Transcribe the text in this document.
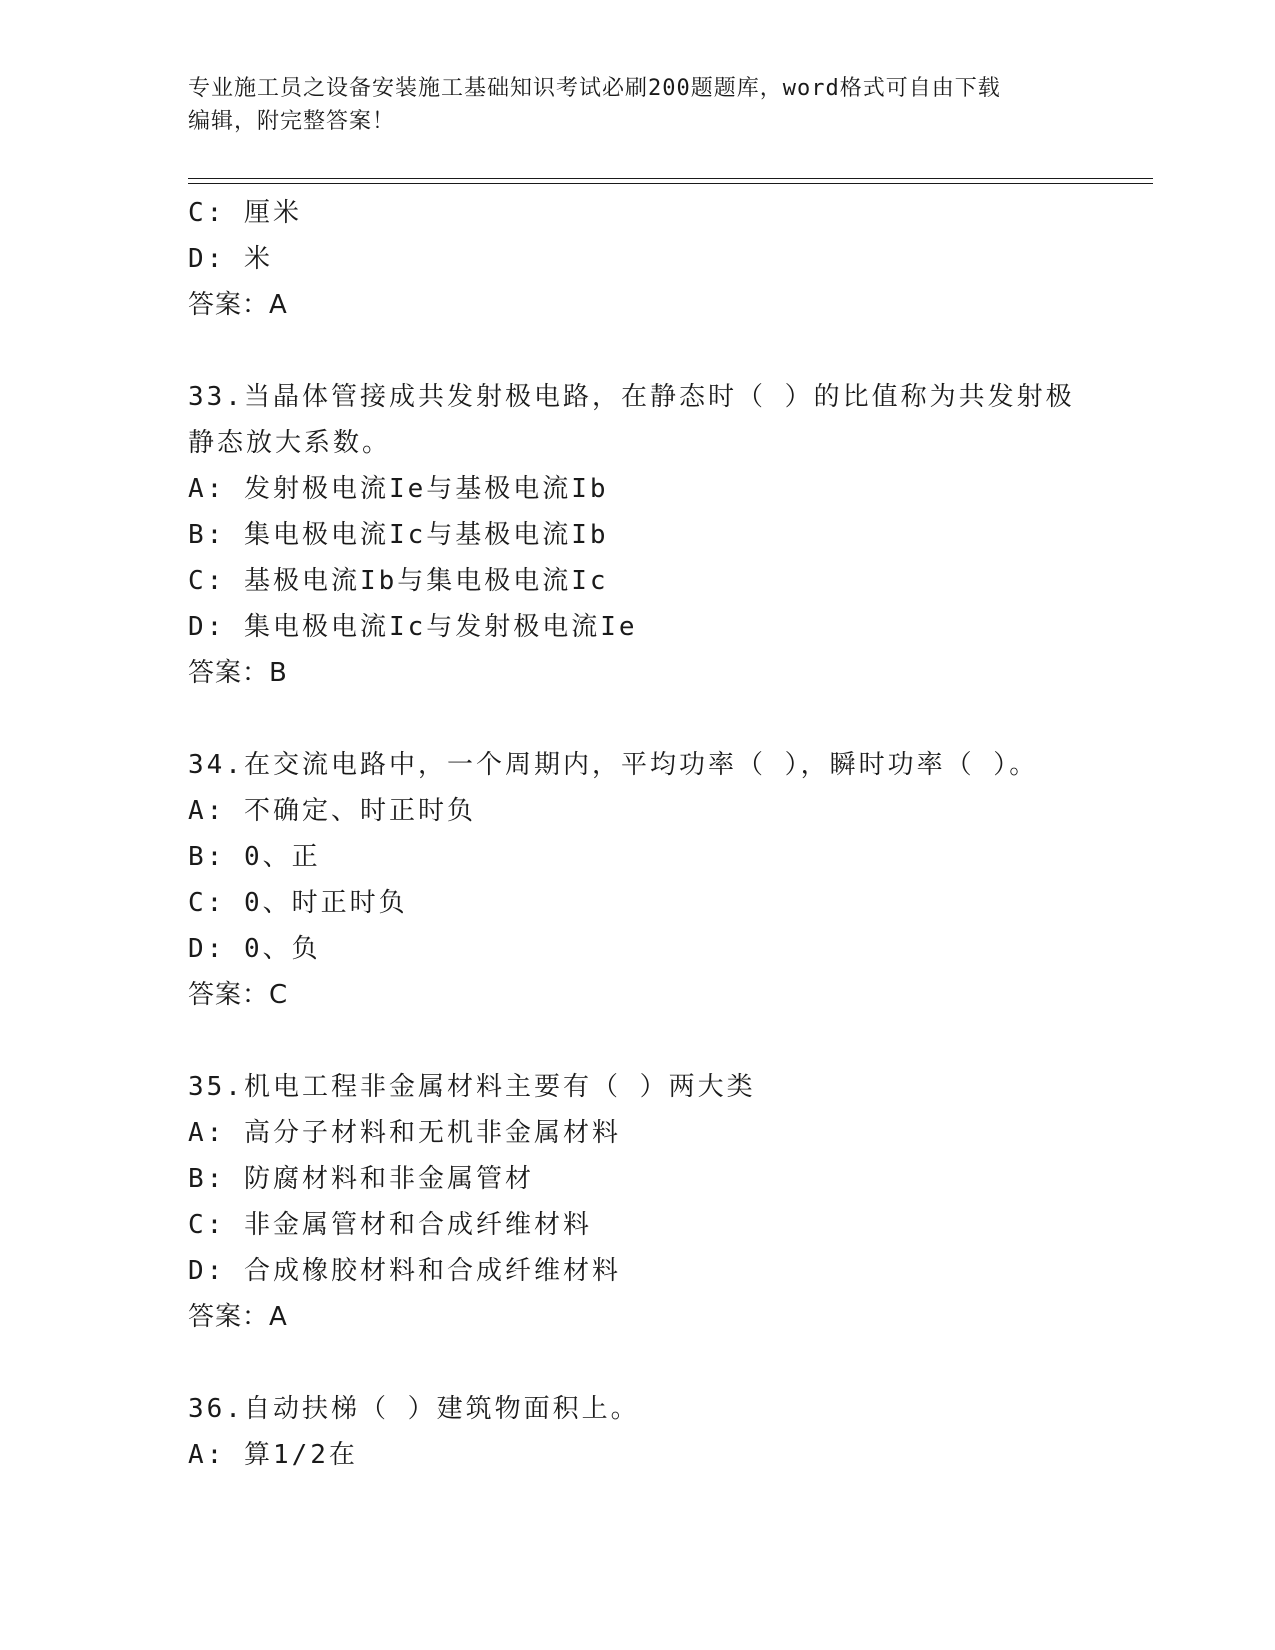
专业施工员之设备安装施工基础知识考试必刷200题题库，word格式可自由下载
编辑，附完整答案！
C: 厘米
D: 米
答案：A
33.当晶体管接成共发射极电路，在静态时（ ）的比值称为共发射极
静态放大系数。
A: 发射极电流Ie与基极电流Ib
B: 集电极电流Ic与基极电流Ib
C: 基极电流Ib与集电极电流Ic
D: 集电极电流Ic与发射极电流Ie
答案：B
34.在交流电路中，一个周期内，平均功率（ ），瞬时功率（ ）。
A: 不确定、时正时负
B: 0、正
C: 0、时正时负
D: 0、负
答案：C
35.机电工程非金属材料主要有（ ）两大类
A: 高分子材料和无机非金属材料
B: 防腐材料和非金属管材
C: 非金属管材和合成纤维材料
D: 合成橡胶材料和合成纤维材料
答案：A
36.自动扶梯（ ）建筑物面积上。
A: 算1/2在
